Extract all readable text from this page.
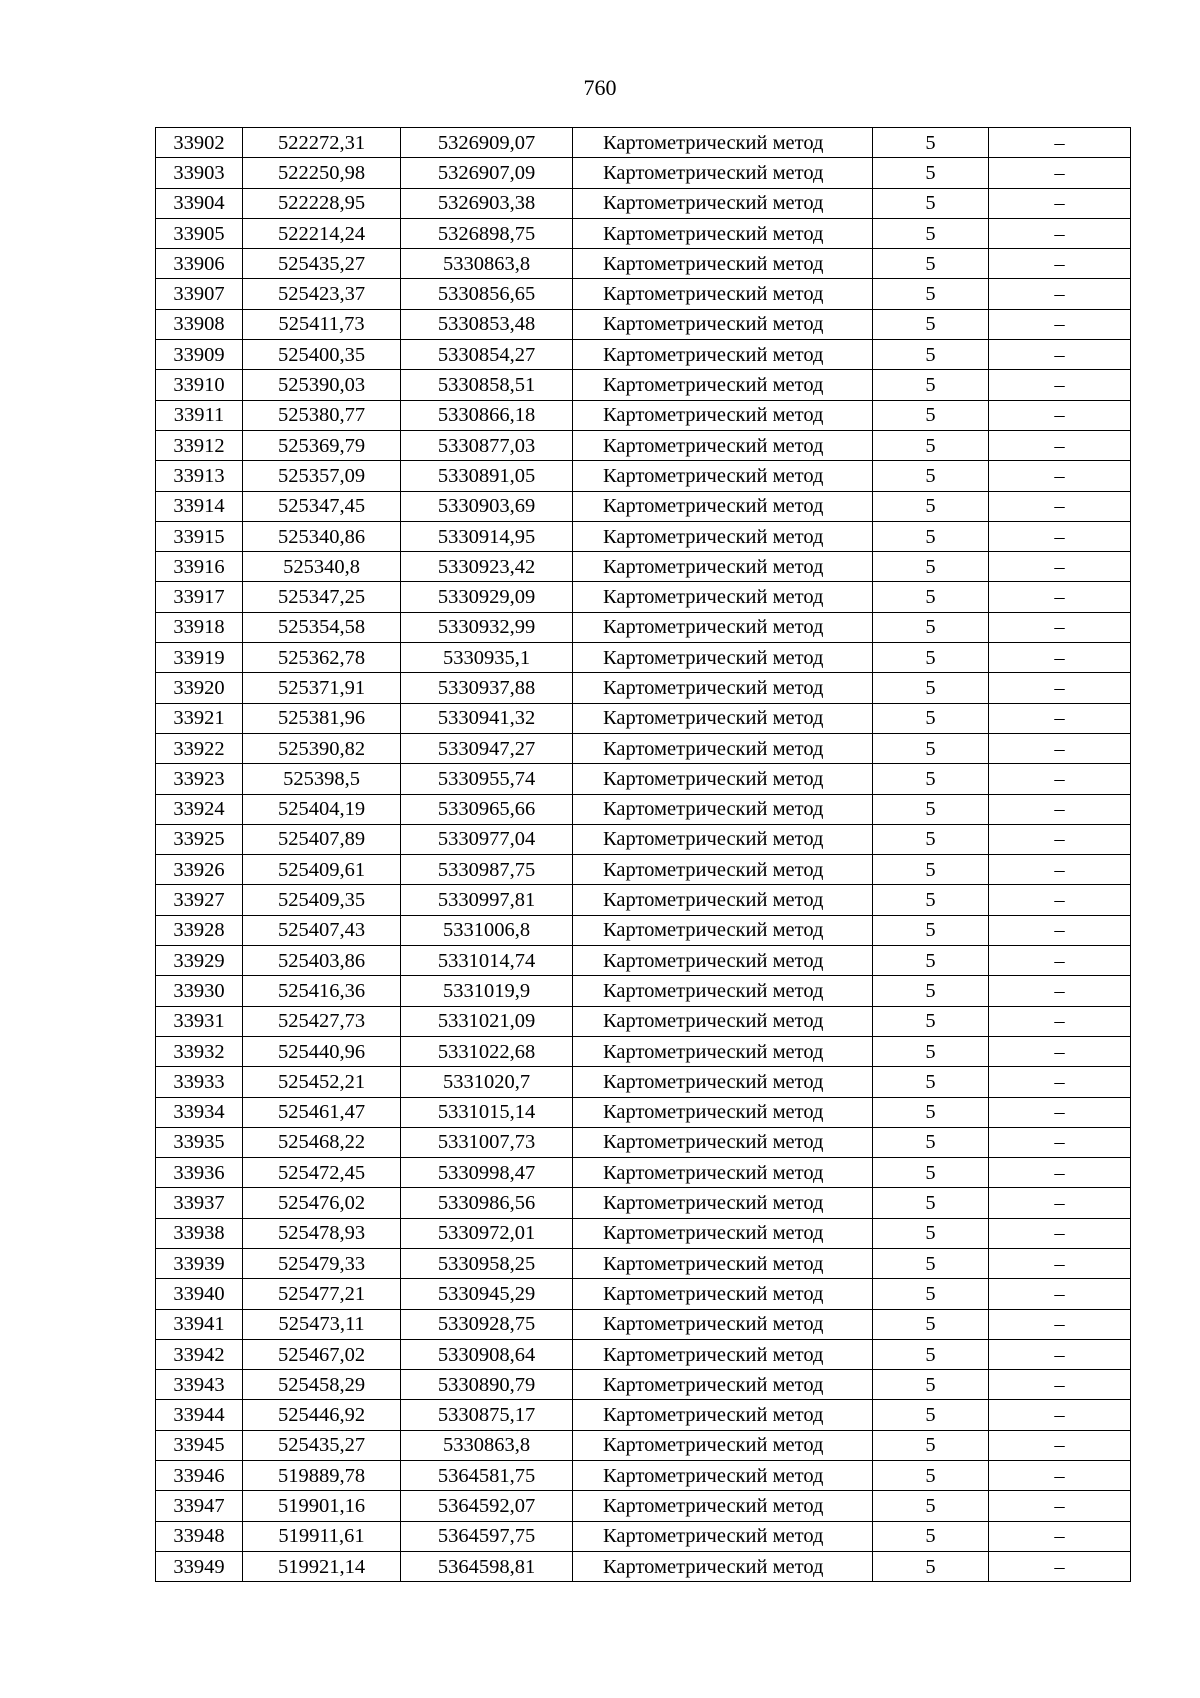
760
33902	522272,31	5326909,07	Картометрический метод	5	–
33903	522250,98	5326907,09	Картометрический метод	5	–
33904	522228,95	5326903,38	Картометрический метод	5	–
33905	522214,24	5326898,75	Картометрический метод	5	–
33906	525435,27	5330863,8	Картометрический метод	5	–
33907	525423,37	5330856,65	Картометрический метод	5	–
33908	525411,73	5330853,48	Картометрический метод	5	–
33909	525400,35	5330854,27	Картометрический метод	5	–
33910	525390,03	5330858,51	Картометрический метод	5	–
33911	525380,77	5330866,18	Картометрический метод	5	–
33912	525369,79	5330877,03	Картометрический метод	5	–
33913	525357,09	5330891,05	Картометрический метод	5	–
33914	525347,45	5330903,69	Картометрический метод	5	–
33915	525340,86	5330914,95	Картометрический метод	5	–
33916	525340,8	5330923,42	Картометрический метод	5	–
33917	525347,25	5330929,09	Картометрический метод	5	–
33918	525354,58	5330932,99	Картометрический метод	5	–
33919	525362,78	5330935,1	Картометрический метод	5	–
33920	525371,91	5330937,88	Картометрический метод	5	–
33921	525381,96	5330941,32	Картометрический метод	5	–
33922	525390,82	5330947,27	Картометрический метод	5	–
33923	525398,5	5330955,74	Картометрический метод	5	–
33924	525404,19	5330965,66	Картометрический метод	5	–
33925	525407,89	5330977,04	Картометрический метод	5	–
33926	525409,61	5330987,75	Картометрический метод	5	–
33927	525409,35	5330997,81	Картометрический метод	5	–
33928	525407,43	5331006,8	Картометрический метод	5	–
33929	525403,86	5331014,74	Картометрический метод	5	–
33930	525416,36	5331019,9	Картометрический метод	5	–
33931	525427,73	5331021,09	Картометрический метод	5	–
33932	525440,96	5331022,68	Картометрический метод	5	–
33933	525452,21	5331020,7	Картометрический метод	5	–
33934	525461,47	5331015,14	Картометрический метод	5	–
33935	525468,22	5331007,73	Картометрический метод	5	–
33936	525472,45	5330998,47	Картометрический метод	5	–
33937	525476,02	5330986,56	Картометрический метод	5	–
33938	525478,93	5330972,01	Картометрический метод	5	–
33939	525479,33	5330958,25	Картометрический метод	5	–
33940	525477,21	5330945,29	Картометрический метод	5	–
33941	525473,11	5330928,75	Картометрический метод	5	–
33942	525467,02	5330908,64	Картометрический метод	5	–
33943	525458,29	5330890,79	Картометрический метод	5	–
33944	525446,92	5330875,17	Картометрический метод	5	–
33945	525435,27	5330863,8	Картометрический метод	5	–
33946	519889,78	5364581,75	Картометрический метод	5	–
33947	519901,16	5364592,07	Картометрический метод	5	–
33948	519911,61	5364597,75	Картометрический метод	5	–
33949	519921,14	5364598,81	Картометрический метод	5	–
